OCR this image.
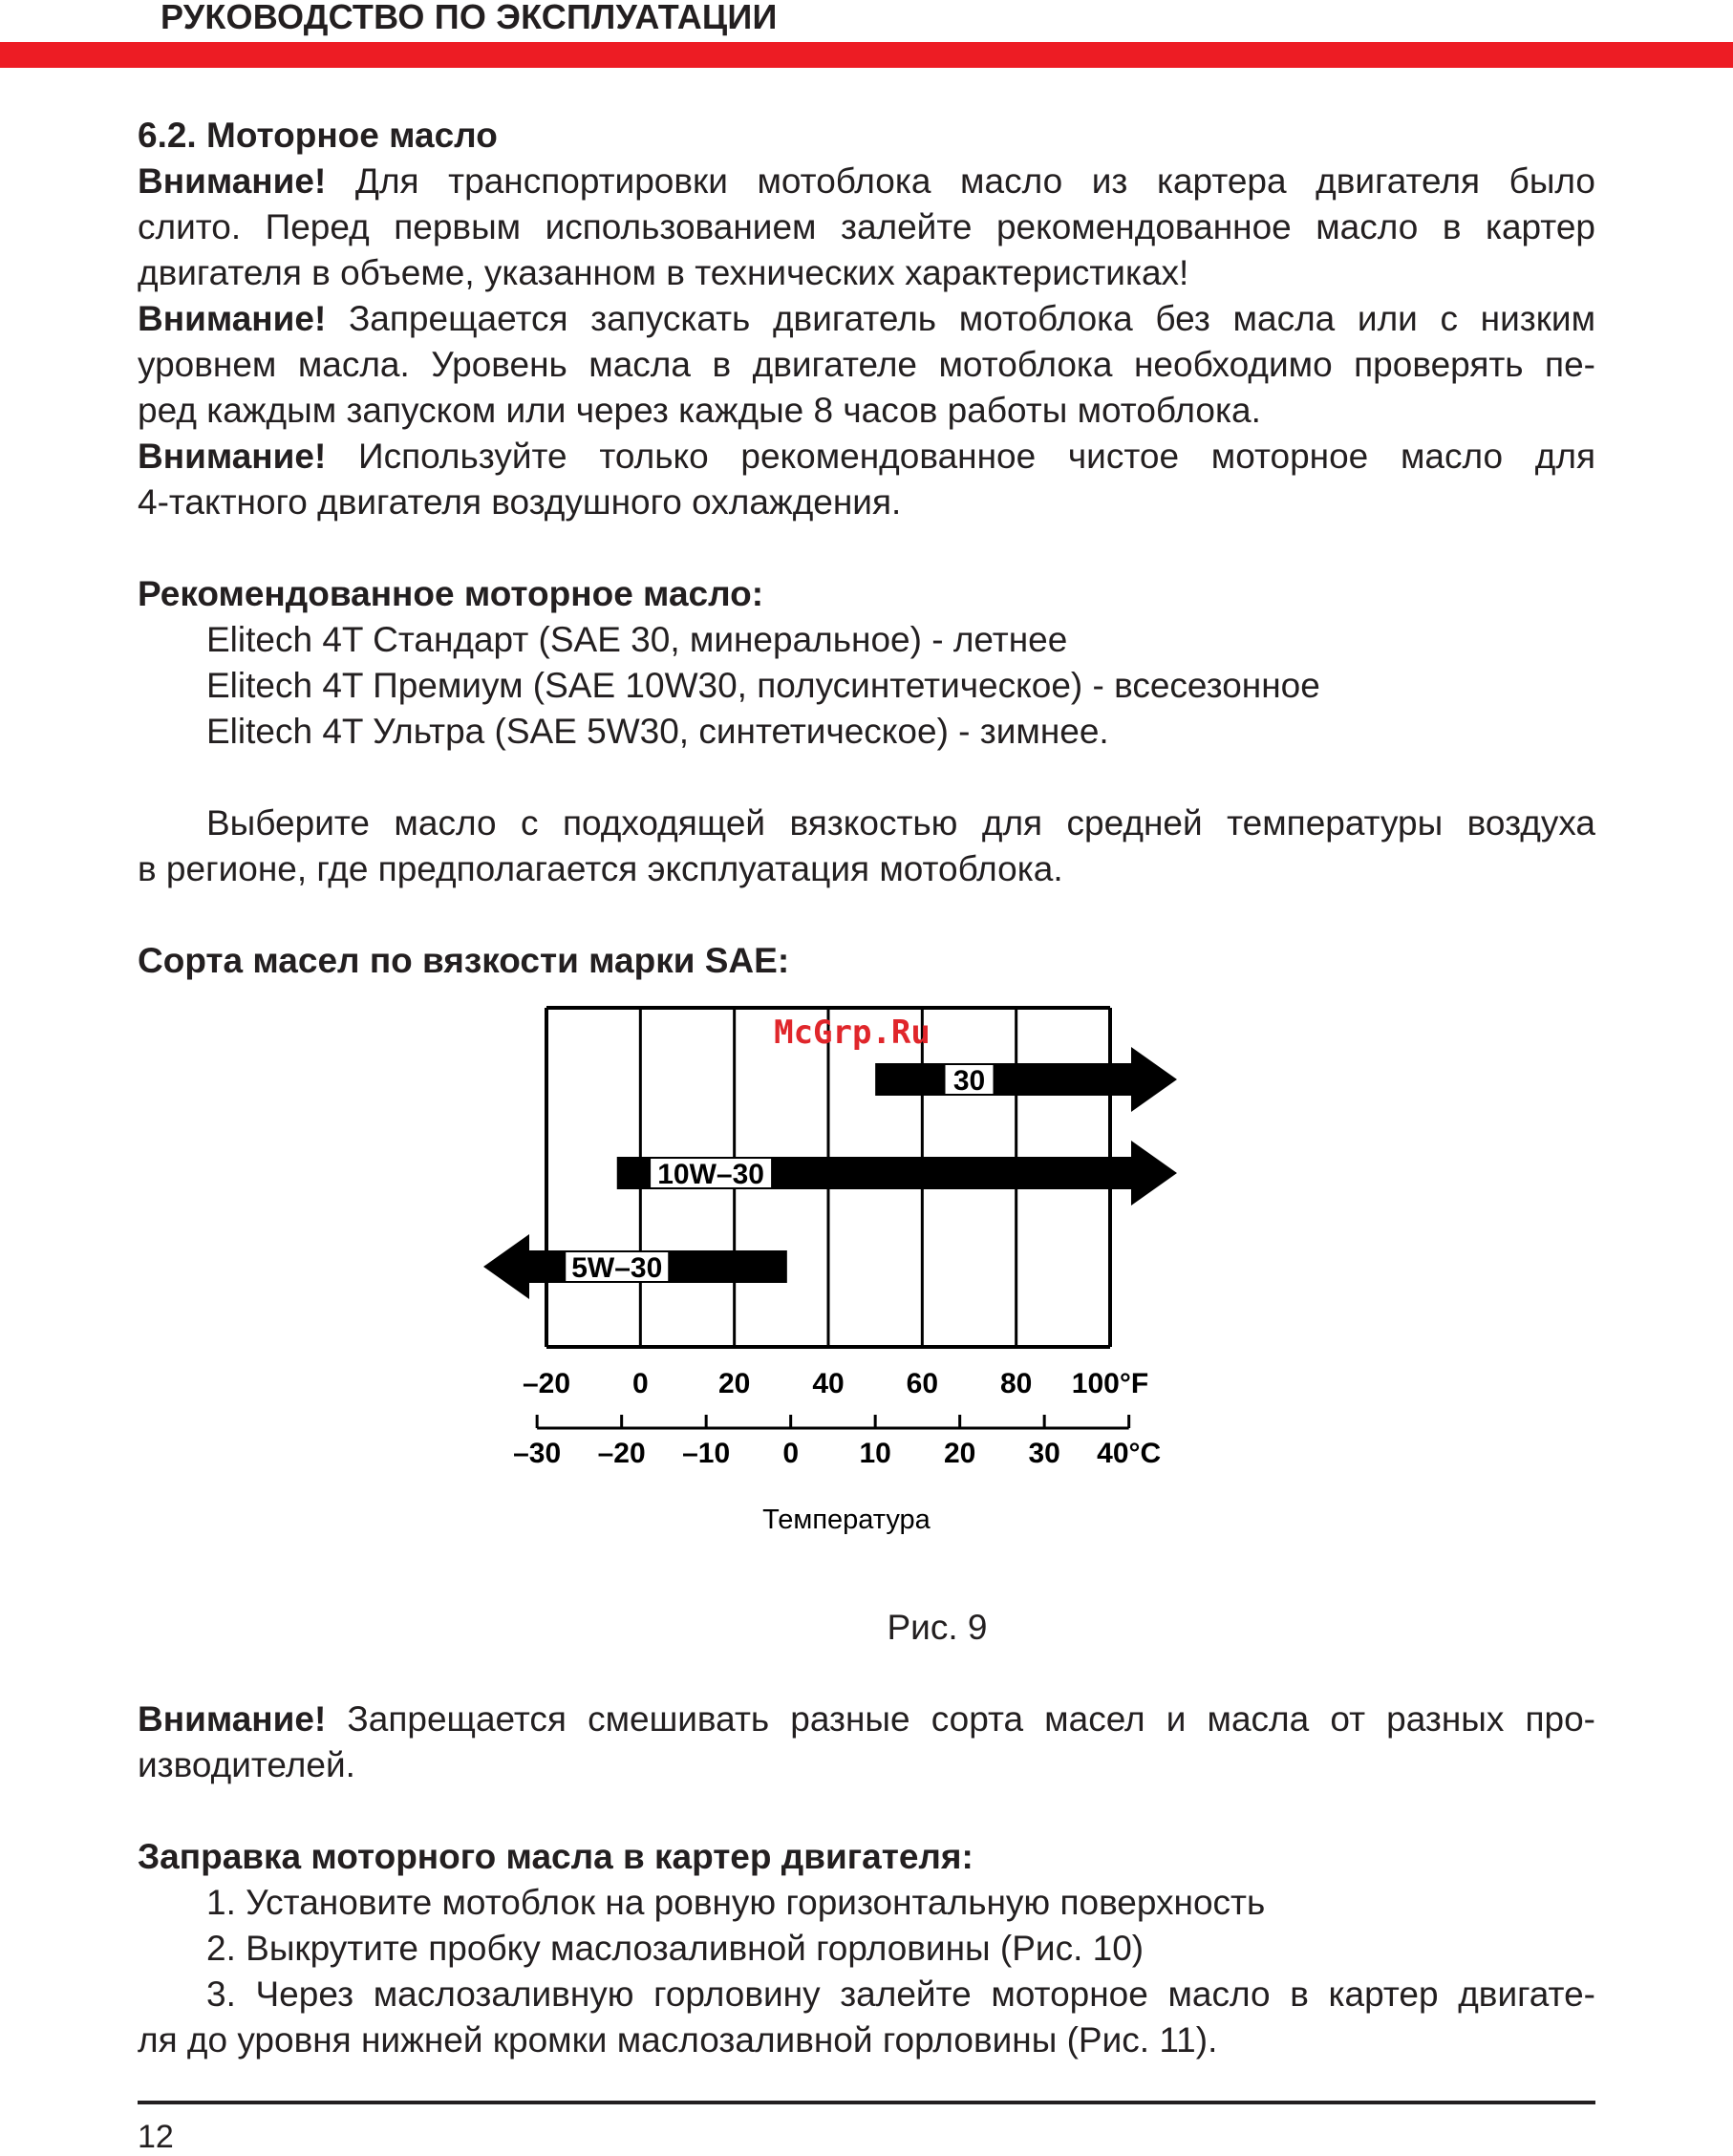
РУКОВОДСТВО ПО ЭКСПЛУАТАЦИИ

6.2. Моторное масло

Внимание! Для транспортировки мотоблока масло из картера двигателя было

слито. Перед первым использованием залейте рекомендованное масло в картер

двигателя в объеме, указанном в технических характеристиках!

Внимание! Запрещается запускать двигатель мотоблока без масла или с низким

уровнем масла. Уровень масла в двигателе мотоблока необходимо проверять пе-

ред каждым запуском или через каждые 8 часов работы мотоблока.

Внимание! Используйте только рекомендованное чистое моторное масло для

4-тактного двигателя воздушного охлаждения.

Рекомендованное моторное масло:

Elitech 4T Стандарт (SAE 30, минеральное) - летнее

Elitech 4T Премиум (SAE 10W30, полусинтетическое) - всесезонное

Elitech 4T Ультра (SAE 5W30, синтетическое) - зимнее.

Выберите масло с подходящей вязкостью для средней температуры воздуха

в регионе, где предполагается эксплуатация мотоблока.

Сорта масел по вязкости марки SAE:

30
10W–30
5W–30
–20 0 20 40 60 80 100°F
–30 –20 –10 0 10 20 30 40°C
Температура
McGrp.Ru

Рис. 9

Внимание! Запрещается смешивать разные сорта масел и масла от разных про-

изводителей.

Заправка моторного масла в картер двигателя:

1. Установите мотоблок на ровную горизонтальную поверхность

2. Выкрутите пробку маслозаливной горловины (Рис. 10)

3. Через маслозаливную горловину залейте моторное масло в картер двигате-

ля до уровня нижней кромки маслозаливной горловины (Рис. 11).

12
